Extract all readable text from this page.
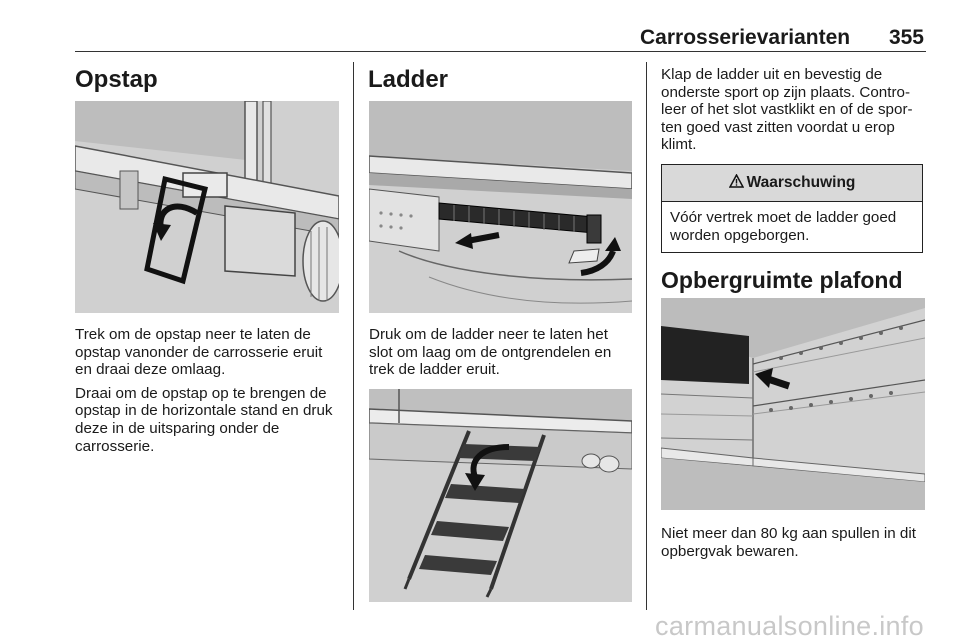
Carrosserievarianten	355
Opstap

Trek om de opstap neer te laten de opstap vanonder de carrosserie eruit en draai deze omlaag.

Draai om de opstap op te brengen de opstap in de horizontale stand en druk deze in de uitsparing onder de carrosserie.

Ladder

Druk om de ladder neer te laten het slot om laag om de ontgrendelen en trek de ladder eruit.

Klap de ladder uit en bevestig de onderste sport op zijn plaats. Contro-leer of het slot vastklikt en of de spor-ten goed vast zitten voordat u erop klimt.

Waarschuwing
Vóór vertrek moet de ladder goed worden opgeborgen.
Opbergruimte plafond

Niet meer dan 80 kg aan spullen in dit opbergvak bewaren.

carmanualsonline.info
